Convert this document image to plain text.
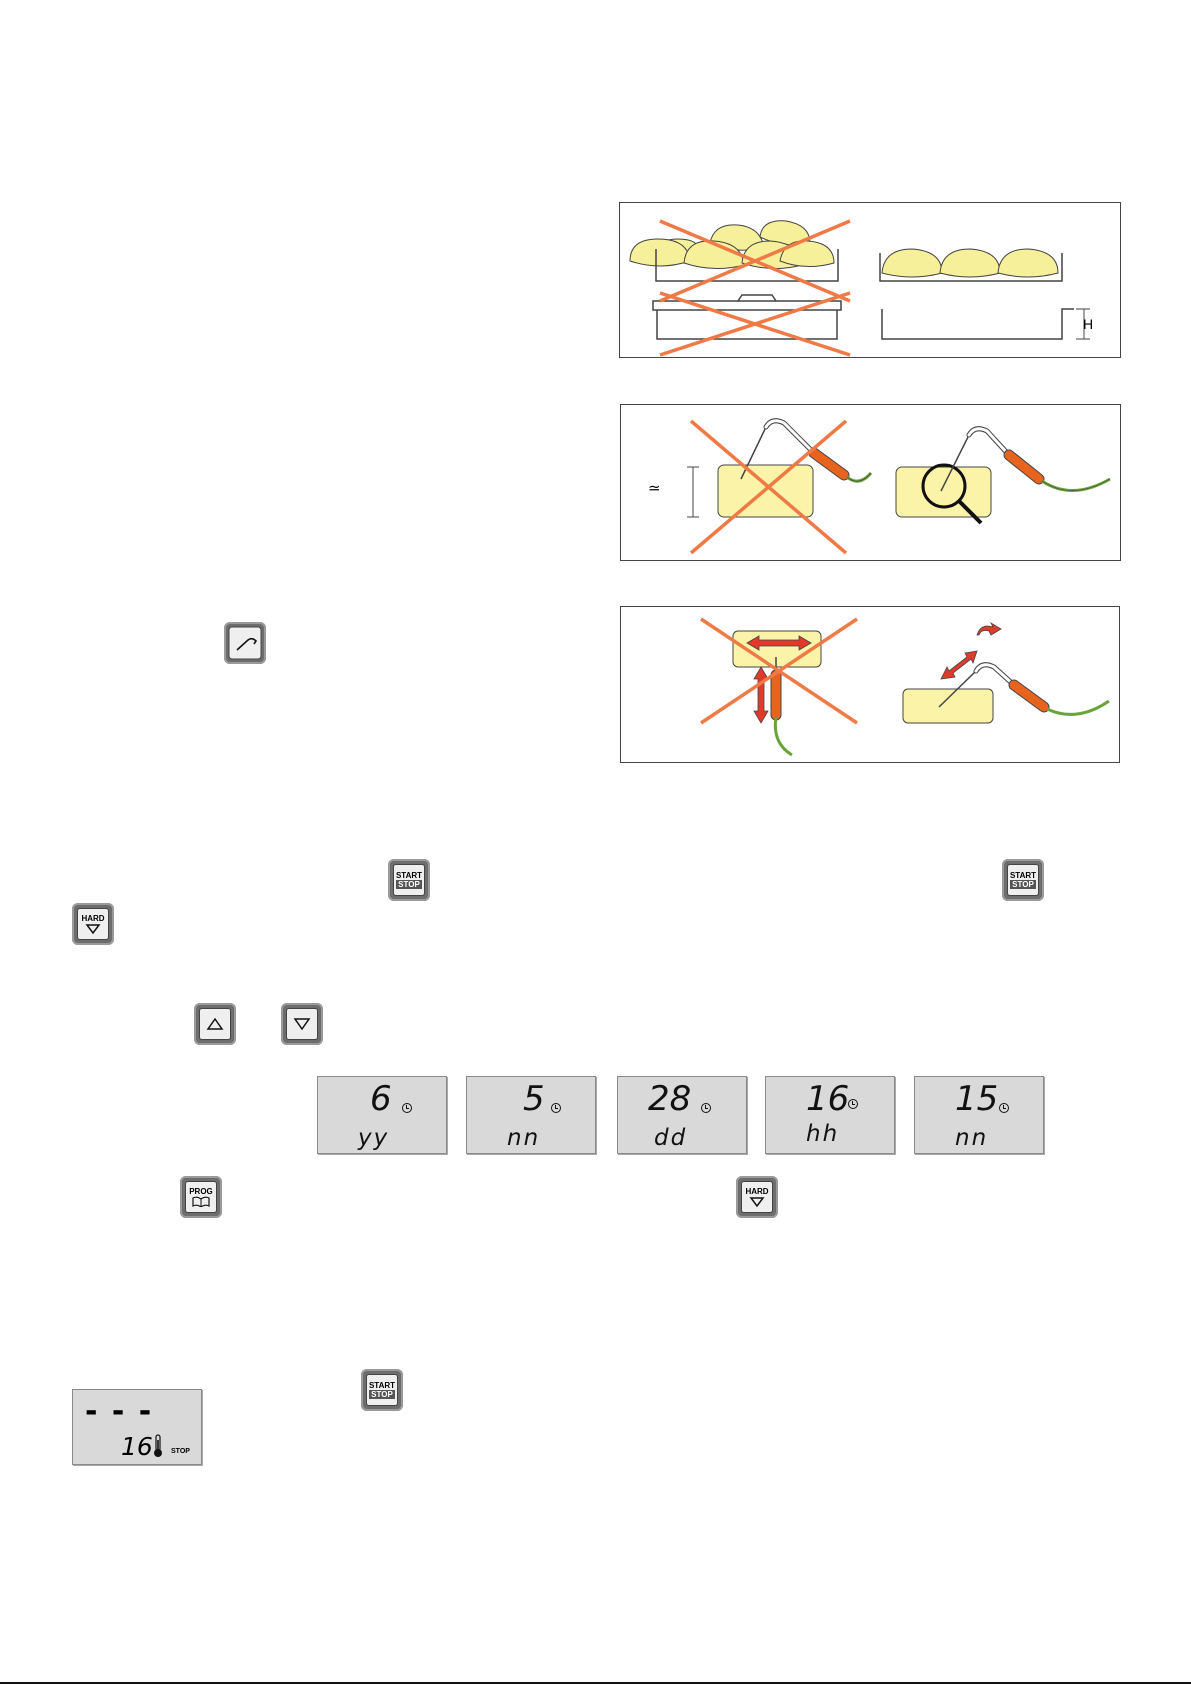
H
≃
START
STOP
START
STOP
HARD
6
yy
5
nn
28
dd
16
hh
15
nn
PROG	HARD
- - -
16	STOP
START
STOP
